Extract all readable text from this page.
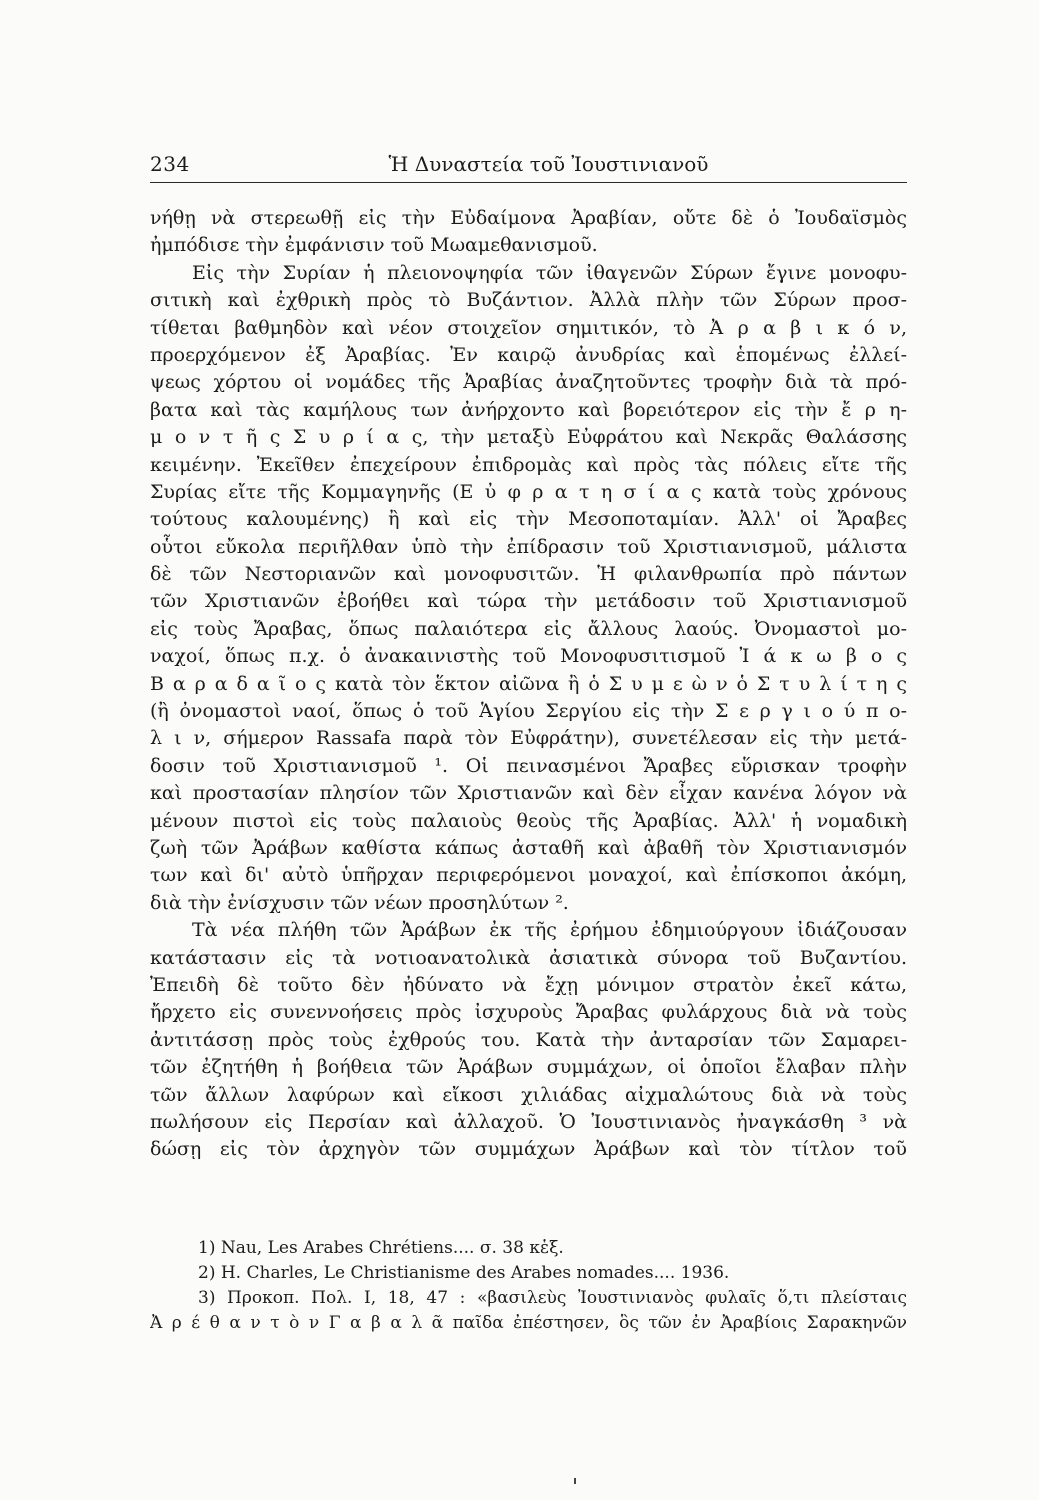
234	Ἡ Δυναστεία τοῦ Ἰουστινιανοῦ
νήθῃ νὰ στερεωθῇ εἰς τὴν Εὐδαίμονα Ἀραβίαν, οὔτε δὲ ὁ Ἰουδαϊσμὸς
ἠμπόδισε τὴν ἐμφάνισιν τοῦ Μωαμεθανισμοῦ.
Εἰς τὴν Συρίαν ἡ πλειονοψηφία τῶν ἰθαγενῶν Σύρων ἔγινε μονοφυ-
σιτικὴ καὶ ἐχθρικὴ πρὸς τὸ Βυζάντιον. Ἀλλὰ πλὴν τῶν Σύρων προσ-
τίθεται βαθμηδὸν καὶ νέον στοιχεῖον σημιτικόν, τὸ Ἀ ρ α β ι κ ό ν,
προερχόμενον ἐξ Ἀραβίας. Ἐν καιρῷ ἀνυδρίας καὶ ἑπομένως ἐλλεί-
ψεως χόρτου οἱ νομάδες τῆς Ἀραβίας ἀναζητοῦντες τροφὴν διὰ τὰ πρό-
βατα καὶ τὰς καμήλους των ἀνήρχοντο καὶ βορειότερον εἰς τὴν ἔ ρ η-
μ ο ν τ ῆ ς Σ υ ρ ί α ς, τὴν μεταξὺ Εὐφράτου καὶ Νεκρᾶς Θαλάσσης
κειμένην. Ἐκεῖθεν ἐπεχείρουν ἐπιδρομὰς καὶ πρὸς τὰς πόλεις εἴτε τῆς
Συρίας εἴτε τῆς Κομμαγηνῆς (Ε ὐ φ ρ α τ η σ ί α ς κατὰ τοὺς χρόνους
τούτους καλουμένης) ἢ καὶ εἰς τὴν Μεσοποταμίαν. Ἀλλ' οἱ Ἄραβες
οὗτοι εὔκολα περιῆλθαν ὑπὸ τὴν ἐπίδρασιν τοῦ Χριστιανισμοῦ, μάλιστα
δὲ τῶν Νεστοριανῶν καὶ μονοφυσιτῶν. Ἡ φιλανθρωπία πρὸ πάντων
τῶν Χριστιανῶν ἐβοήθει καὶ τώρα τὴν μετάδοσιν τοῦ Χριστιανισμοῦ
εἰς τοὺς Ἄραβας, ὅπως παλαιότερα εἰς ἄλλους λαούς. Ὀνομαστοὶ μο-
ναχοί, ὅπως π.χ. ὁ ἀνακαινιστὴς τοῦ Μονοφυσιτισμοῦ Ἰ ά κ ω β ο ς
Β α ρ α δ α ῖ ο ς κατὰ τὸν ἕκτον αἰῶνα ἢ ὁ Σ υ μ ε ὼ ν ὁ Σ τ υ λ ί τ η ς
(ἢ ὀνομαστοὶ ναοί, ὅπως ὁ τοῦ Ἁγίου Σεργίου εἰς τὴν Σ ε ρ γ ι ο ύ π ο-
λ ι ν, σήμερον Rassafa παρὰ τὸν Εὐφράτην), συνετέλεσαν εἰς τὴν μετά-
δοσιν τοῦ Χριστιανισμοῦ ¹. Οἱ πεινασμένοι Ἄραβες εὕρισκαν τροφὴν
καὶ προστασίαν πλησίον τῶν Χριστιανῶν καὶ δὲν εἶχαν κανένα λόγον νὰ
μένουν πιστοὶ εἰς τοὺς παλαιοὺς θεοὺς τῆς Ἀραβίας. Ἀλλ' ἡ νομαδικὴ
ζωὴ τῶν Ἀράβων καθίστα κάπως ἀσταθῆ καὶ ἀβαθῆ τὸν Χριστιανισμόν
των καὶ δι' αὐτὸ ὑπῆρχαν περιφερόμενοι μοναχοί, καὶ ἐπίσκοποι ἀκόμη,
διὰ τὴν ἐνίσχυσιν τῶν νέων προσηλύτων ².
Τὰ νέα πλήθη τῶν Ἀράβων ἐκ τῆς ἐρήμου ἐδημιούργουν ἰδιάζουσαν
κατάστασιν εἰς τὰ νοτιοανατολικὰ ἀσιατικὰ σύνορα τοῦ Βυζαντίου.
Ἐπειδὴ δὲ τοῦτο δὲν ἠδύνατο νὰ ἔχῃ μόνιμον στρατὸν ἐκεῖ κάτω,
ἤρχετο εἰς συνεννοήσεις πρὸς ἰσχυροὺς Ἄραβας φυλάρχους διὰ νὰ τοὺς
ἀντιτάσσῃ πρὸς τοὺς ἐχθρούς του. Κατὰ τὴν ἀνταρσίαν τῶν Σαμαρει-
τῶν ἐζητήθη ἡ βοήθεια τῶν Ἀράβων συμμάχων, οἱ ὁποῖοι ἔλαβαν πλὴν
τῶν ἄλλων λαφύρων καὶ εἴκοσι χιλιάδας αἰχμαλώτους διὰ νὰ τοὺς
πωλήσουν εἰς Περσίαν καὶ ἀλλαχοῦ. Ὁ Ἰουστινιανὸς ἠναγκάσθη ³ νὰ
δώσῃ εἰς τὸν ἀρχηγὸν τῶν συμμάχων Ἀράβων καὶ τὸν τίτλον τοῦ
1) Nau, Les Arabes Chrétiens.... σ. 38 κἑξ.
2) H. Charles, Le Christianisme des Arabes nomades.... 1936.
3) Προκοπ. Πολ. I, 18, 47 : «βασιλεὺς Ἰουστινιανὸς φυλαῖς ὅ,τι πλείσταις
Ἀ ρ έ θ α ν τ ὸ ν Γ α β α λ ᾶ παῖδα ἐπέστησεν, ὃς τῶν ἐν Ἀραβίοις Σαρακηνῶν
